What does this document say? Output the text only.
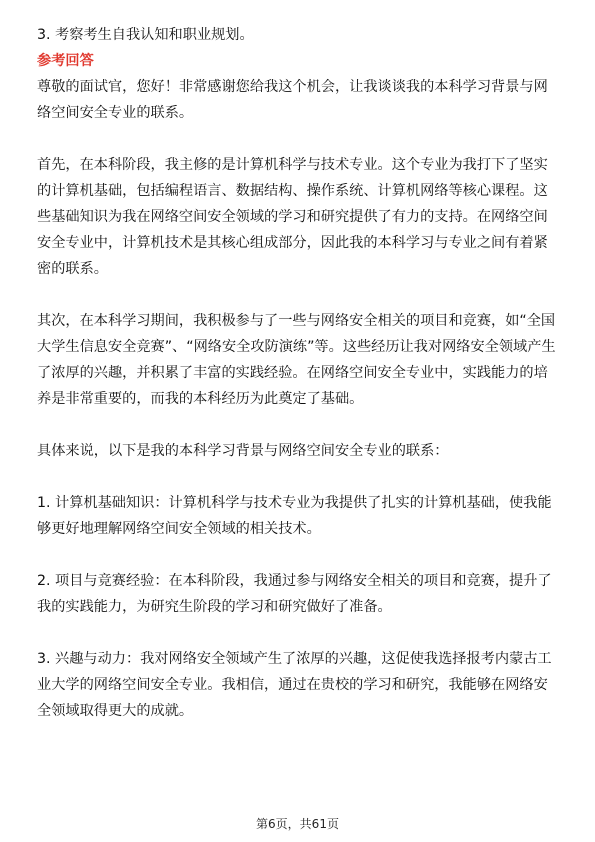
3. 考察考生自我认知和职业规划。
参考回答
尊敬的面试官，您好！非常感谢您给我这个机会，让我谈谈我的本科学习背景与网
络空间安全专业的联系。
首先，在本科阶段，我主修的是计算机科学与技术专业。这个专业为我打下了坚实
的计算机基础，包括编程语言、数据结构、操作系统、计算机网络等核心课程。这
些基础知识为我在网络空间安全领域的学习和研究提供了有力的支持。在网络空间
安全专业中，计算机技术是其核心组成部分，因此我的本科学习与专业之间有着紧
密的联系。
其次，在本科学习期间，我积极参与了一些与网络安全相关的项目和竞赛，如“全国
大学生信息安全竞赛”、“网络安全攻防演练”等。这些经历让我对网络安全领域产生
了浓厚的兴趣，并积累了丰富的实践经验。在网络空间安全专业中，实践能力的培
养是非常重要的，而我的本科经历为此奠定了基础。
具体来说，以下是我的本科学习背景与网络空间安全专业的联系：
1. 计算机基础知识：计算机科学与技术专业为我提供了扎实的计算机基础，使我能
够更好地理解网络空间安全领域的相关技术。
2. 项目与竞赛经验：在本科阶段，我通过参与网络安全相关的项目和竞赛，提升了
我的实践能力，为研究生阶段的学习和研究做好了准备。
3. 兴趣与动力：我对网络安全领域产生了浓厚的兴趣，这促使我选择报考内蒙古工
业大学的网络空间安全专业。我相信，通过在贵校的学习和研究，我能够在网络安
全领域取得更大的成就。
第6页，共61页
